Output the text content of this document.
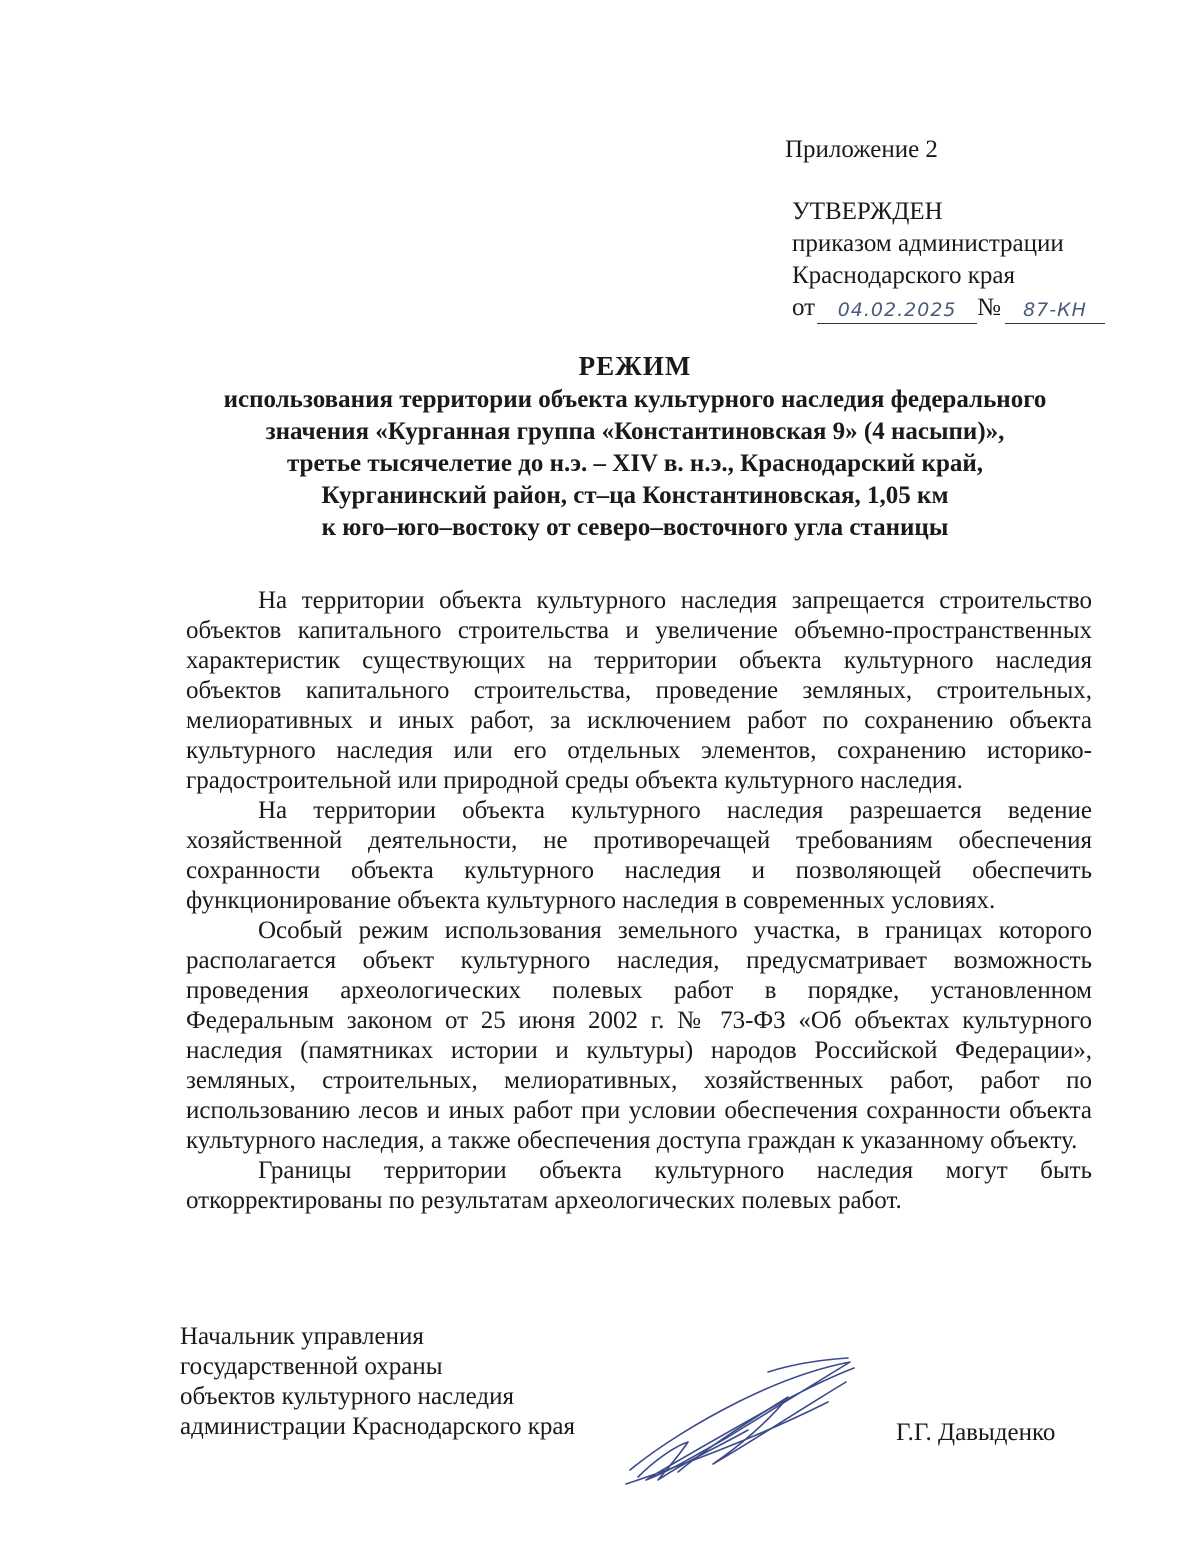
Приложение 2
УТВЕРЖДЕН
приказом администрации
Краснодарского края
от	04.02.2025 №	87-КН
РЕЖИМ
использования территории объекта культурного наследия федерального
значения «Курганная группа «Константиновская 9» (4 насыпи)»,
третье тысячелетие до н.э. – XIV в. н.э., Краснодарский край,
Курганинский район, ст–ца Константиновская, 1,05 км
к юго–юго–востоку от северо–восточного угла станицы

На территории объекта культурного наследия запрещается строительство объектов капитального строительства и увеличение объемно-пространственных характеристик существующих на территории объекта культурного наследия объектов капитального строительства, проведение земляных, строительных, мелиоративных и иных работ, за исключением работ по сохранению объекта культурного наследия или его отдельных элементов, сохранению историко-градостроительной или природной среды объекта культурного наследия.

На территории объекта культурного наследия разрешается ведение хозяйственной деятельности, не противоречащей требованиям обеспечения сохранности объекта культурного наследия и позволяющей обеспечить функционирование объекта культурного наследия в современных условиях.

Особый режим использования земельного участка, в границах которого располагается объект культурного наследия, предусматривает возможность проведения археологических полевых работ в порядке, установленном Федеральным законом от 25 июня 2002 г. № 73-ФЗ «Об объектах культурного наследия (памятниках истории и культуры) народов Российской Федерации», земляных, строительных, мелиоративных, хозяйственных работ, работ по использованию лесов и иных работ при условии обеспечения сохранности объекта культурного наследия, а также обеспечения доступа граждан к указанному объекту.

Границы территории объекта культурного наследия могут быть откорректированы по результатам археологических полевых работ.

Начальник управления
государственной охраны
объектов культурного наследия
администрации Краснодарского края	Г.Г. Давыденко
